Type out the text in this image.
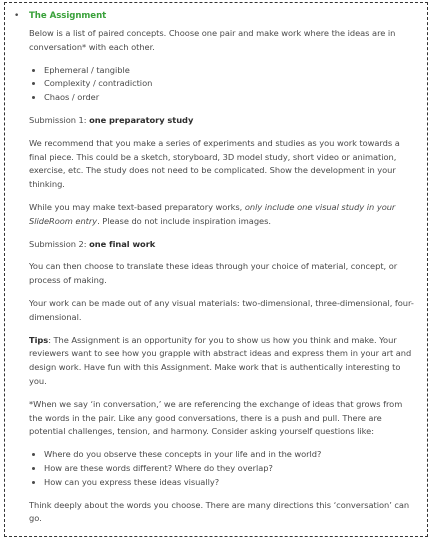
• The Assignment

Below is a list of paired concepts. Choose one pair and make work where the ideas are in conversation* with each other.

• Ephemeral / tangible
• Complexity / contradiction
• Chaos / order

Submission 1: one preparatory study

We recommend that you make a series of experiments and studies as you work towards a final piece. This could be a sketch, storyboard, 3D model study, short video or animation, exercise, etc. The study does not need to be complicated. Show the development in your thinking.

While you may make text-based preparatory works, only include one visual study in your SlideRoom entry. Please do not include inspiration images.

Submission 2: one final work

You can then choose to translate these ideas through your choice of material, concept, or process of making.

Your work can be made out of any visual materials: two-dimensional, three-dimensional, four-dimensional.

Tips: The Assignment is an opportunity for you to show us how you think and make. Your reviewers want to see how you grapple with abstract ideas and express them in your art and design work. Have fun with this Assignment. Make work that is authentically interesting to you.

*When we say ‘in conversation,’ we are referencing the exchange of ideas that grows from the words in the pair. Like any good conversations, there is a push and pull. There are potential challenges, tension, and harmony. Consider asking yourself questions like:

• Where do you observe these concepts in your life and in the world?
• How are these words different? Where do they overlap?
• How can you express these ideas visually?

Think deeply about the words you choose. There are many directions this ‘conversation’ can go.
